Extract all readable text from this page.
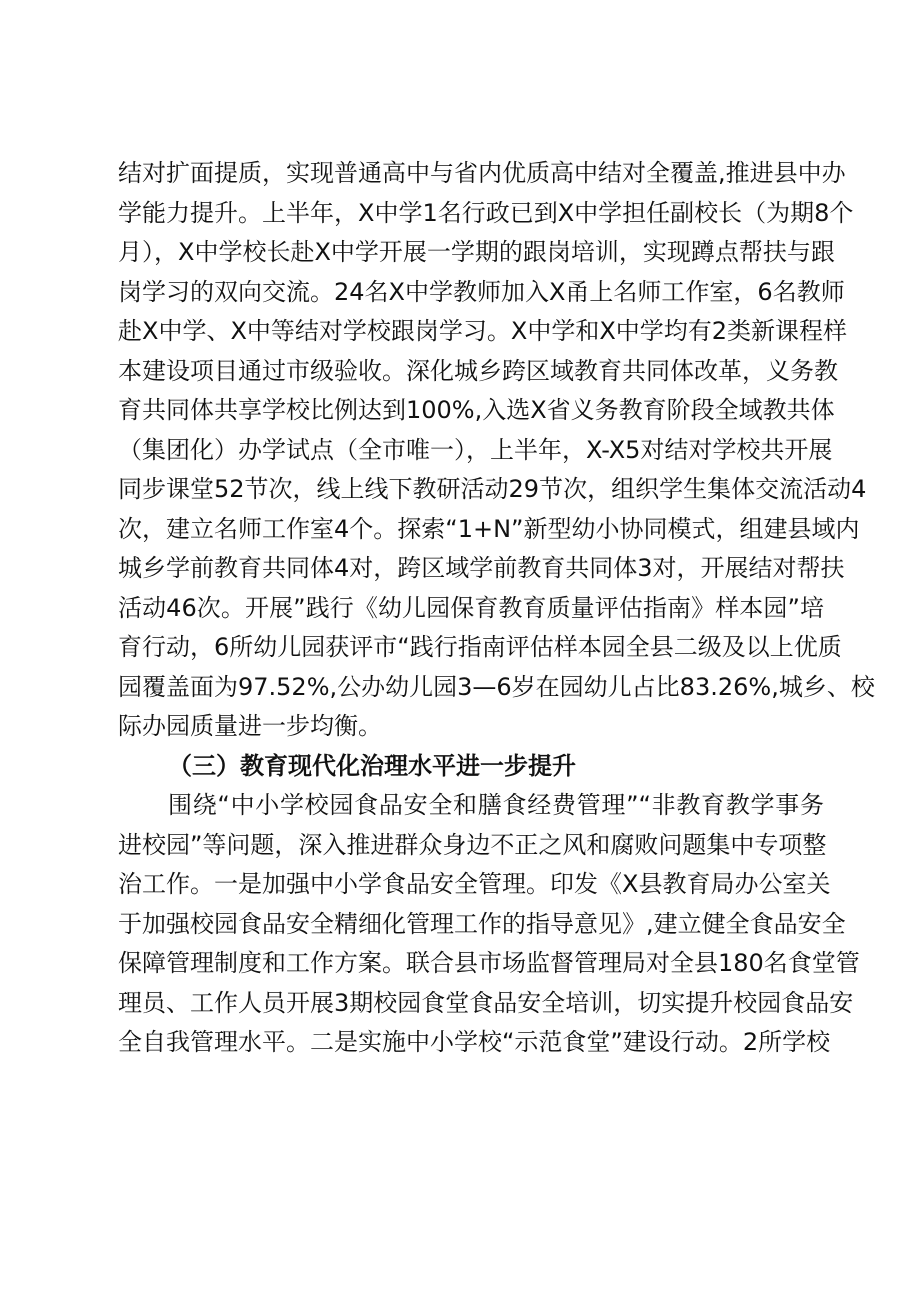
结对扩面提质，实现普通高中与省内优质高中结对全覆盖,推进县中办
学能力提升。上半年，X中学1名行政已到X中学担任副校长（为期8个
月），X中学校长赴X中学开展一学期的跟岗培训，实现蹲点帮扶与跟
岗学习的双向交流。24名X中学教师加入X甬上名师工作室，6名教师
赴X中学、X中等结对学校跟岗学习。X中学和X中学均有2类新课程样
本建设项目通过市级验收。深化城乡跨区域教育共同体改革，义务教
育共同体共享学校比例达到100%,入选X省义务教育阶段全域教共体
（集团化）办学试点（全市唯一），上半年，X-X5对结对学校共开展
同步课堂52节次，线上线下教研活动29节次，组织学生集体交流活动4
次，建立名师工作室4个。探索“1+N”新型幼小协同模式，组建县域内
城乡学前教育共同体4对，跨区域学前教育共同体3对，开展结对帮扶
活动46次。开展”践行《幼儿园保育教育质量评估指南》样本园”培
育行动，6所幼儿园获评市“践行指南评估样本园全县二级及以上优质
园覆盖面为97.52%,公办幼儿园3—6岁在园幼儿占比83.26%,城乡、校
际办园质量进一步均衡。
（三）教育现代化治理水平进一步提升
围绕“中小学校园食品安全和膳食经费管理”“非教育教学事务
进校园”等问题，深入推进群众身边不正之风和腐败问题集中专项整
治工作。一是加强中小学食品安全管理。印发《X县教育局办公室关
于加强校园食品安全精细化管理工作的指导意见》,建立健全食品安全
保障管理制度和工作方案。联合县市场监督管理局对全县180名食堂管
理员、工作人员开展3期校园食堂食品安全培训，切实提升校园食品安
全自我管理水平。二是实施中小学校“示范食堂”建设行动。2所学校
